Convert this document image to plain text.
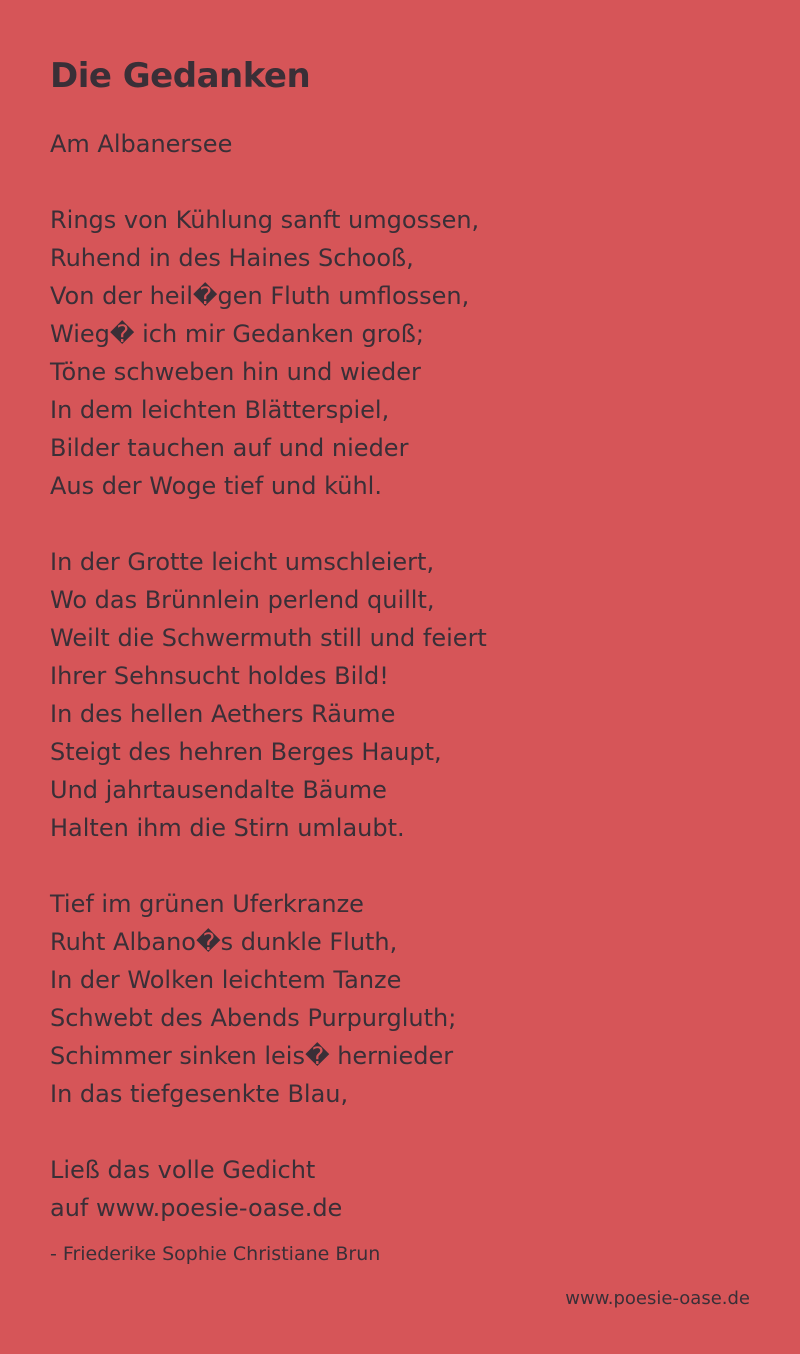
Die Gedanken
Am Albanersee
Rings von Kühlung sanft umgossen,
Ruhend in des Haines Schooß,
Von der heil�gen Fluth umflossen,
Wieg� ich mir Gedanken groß;
Töne schweben hin und wieder
In dem leichten Blätterspiel,
Bilder tauchen auf und nieder
Aus der Woge tief und kühl.
In der Grotte leicht umschleiert,
Wo das Brünnlein perlend quillt,
Weilt die Schwermuth still und feiert
Ihrer Sehnsucht holdes Bild!
In des hellen Aethers Räume
Steigt des hehren Berges Haupt,
Und jahrtausendalte Bäume
Halten ihm die Stirn umlaubt.
Tief im grünen Uferkranze
Ruht Albano�s dunkle Fluth,
In der Wolken leichtem Tanze
Schwebt des Abends Purpurgluth;
Schimmer sinken leis� hernieder
In das tiefgesenkte Blau,
Ließ das volle Gedicht
auf www.poesie-oase.de
- Friederike Sophie Christiane Brun
www.poesie-oase.de
